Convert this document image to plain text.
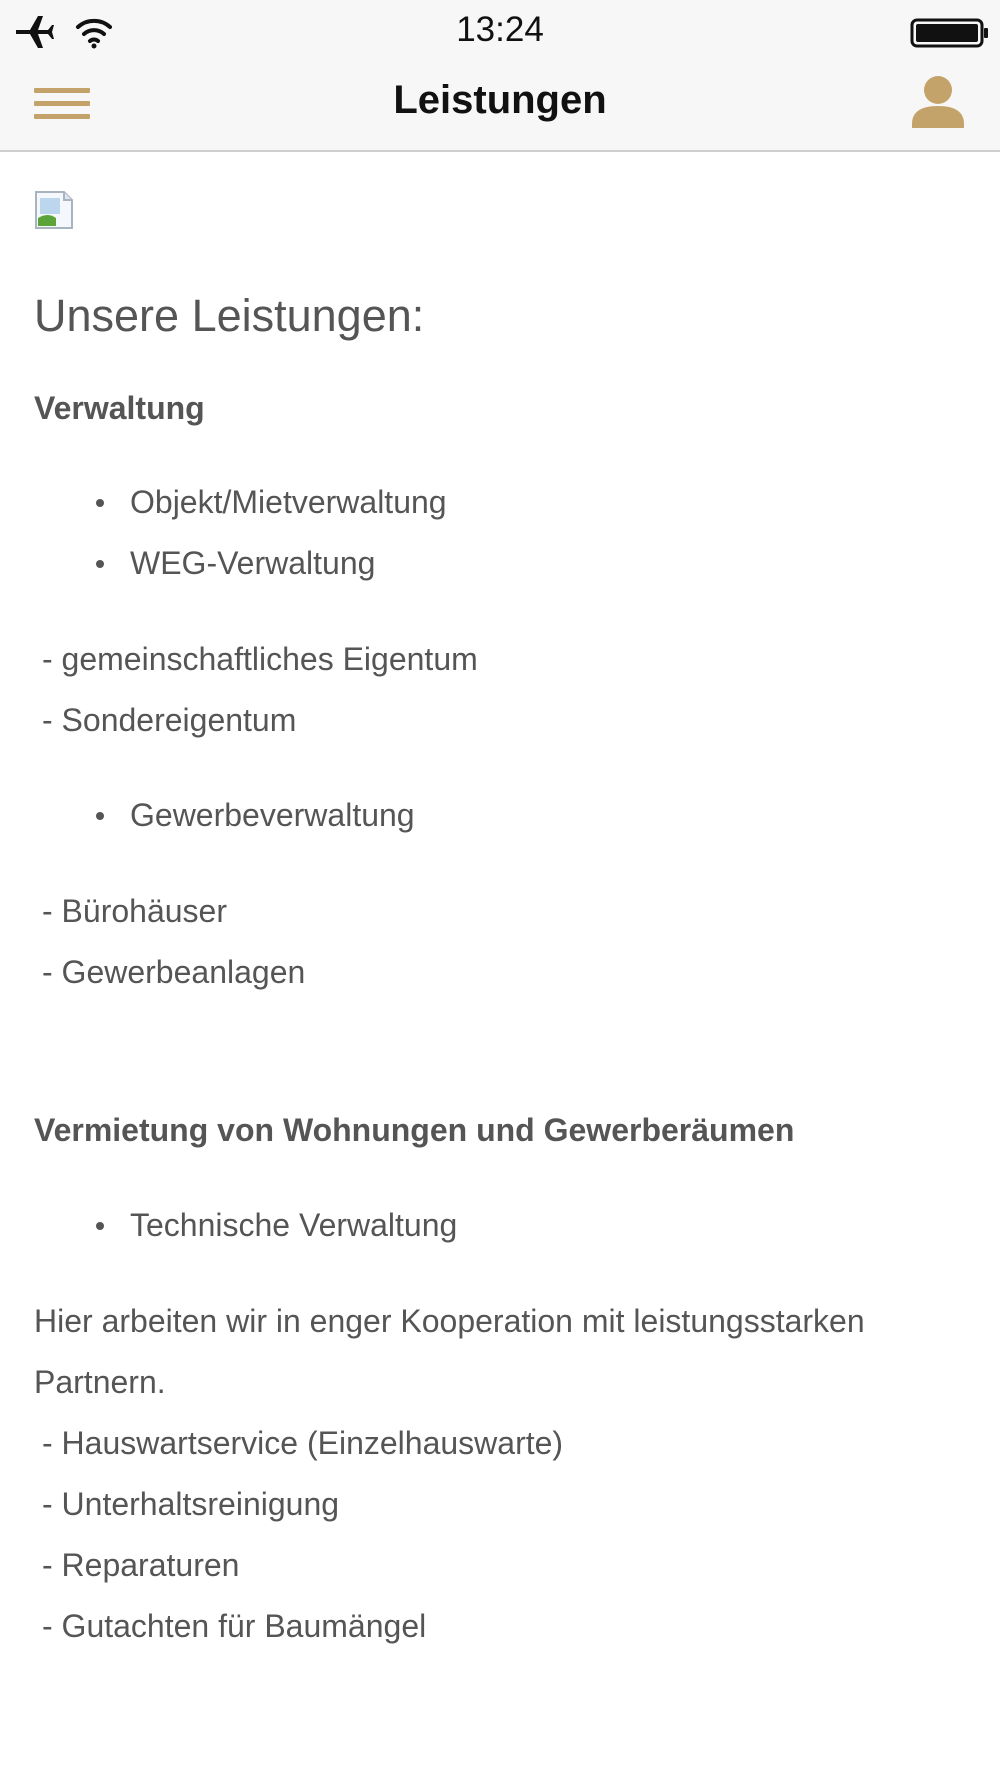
13:24
Leistungen
Unsere Leistungen:
Verwaltung
Objekt/Mietverwaltung
WEG-Verwaltung
- gemeinschaftliches Eigentum
- Sondereigentum
Gewerbeverwaltung
- Bürohäuser
- Gewerbeanlagen
Vermietung von Wohnungen und Gewerberäumen
Technische Verwaltung
Hier arbeiten wir in enger Kooperation mit leistungsstarken
Partnern.
- Hauswartservice (Einzelhauswarte)
- Unterhaltsreinigung
- Reparaturen
- Gutachten für Baumängel
